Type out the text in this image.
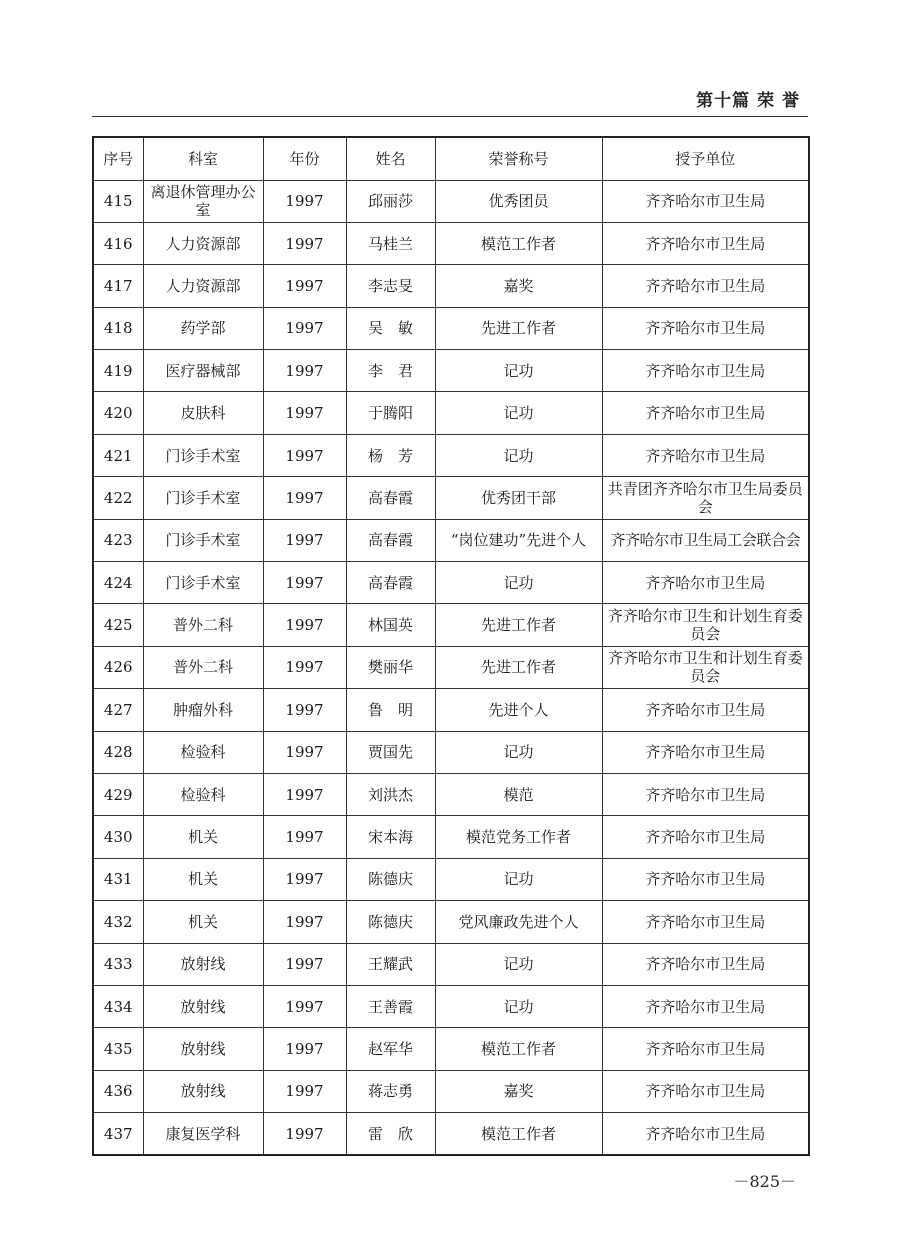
第十篇 荣 誉
序号	科室	年份	姓名	荣誉称号	授予单位
415	离退休管理办公室	1997	邱丽莎	优秀团员	齐齐哈尔市卫生局
416	人力资源部	1997	马桂兰	模范工作者	齐齐哈尔市卫生局
417	人力资源部	1997	李志旻	嘉奖	齐齐哈尔市卫生局
418	药学部	1997	吴　敏	先进工作者	齐齐哈尔市卫生局
419	医疗器械部	1997	李　君	记功	齐齐哈尔市卫生局
420	皮肤科	1997	于腾阳	记功	齐齐哈尔市卫生局
421	门诊手术室	1997	杨　芳	记功	齐齐哈尔市卫生局
422	门诊手术室	1997	高春霞	优秀团干部	共青团齐齐哈尔市卫生局委员会
423	门诊手术室	1997	高春霞	“岗位建功”先进个人	齐齐哈尔市卫生局工会联合会
424	门诊手术室	1997	高春霞	记功	齐齐哈尔市卫生局
425	普外二科	1997	林国英	先进工作者	齐齐哈尔市卫生和计划生育委员会
426	普外二科	1997	樊丽华	先进工作者	齐齐哈尔市卫生和计划生育委员会
427	肿瘤外科	1997	鲁　明	先进个人	齐齐哈尔市卫生局
428	检验科	1997	贾国先	记功	齐齐哈尔市卫生局
429	检验科	1997	刘洪杰	模范	齐齐哈尔市卫生局
430	机关	1997	宋本海	模范党务工作者	齐齐哈尔市卫生局
431	机关	1997	陈德庆	记功	齐齐哈尔市卫生局
432	机关	1997	陈德庆	党风廉政先进个人	齐齐哈尔市卫生局
433	放射线	1997	王耀武	记功	齐齐哈尔市卫生局
434	放射线	1997	王善霞	记功	齐齐哈尔市卫生局
435	放射线	1997	赵军华	模范工作者	齐齐哈尔市卫生局
436	放射线	1997	蒋志勇	嘉奖	齐齐哈尔市卫生局
437	康复医学科	1997	雷　欣	模范工作者	齐齐哈尔市卫生局
－825－
